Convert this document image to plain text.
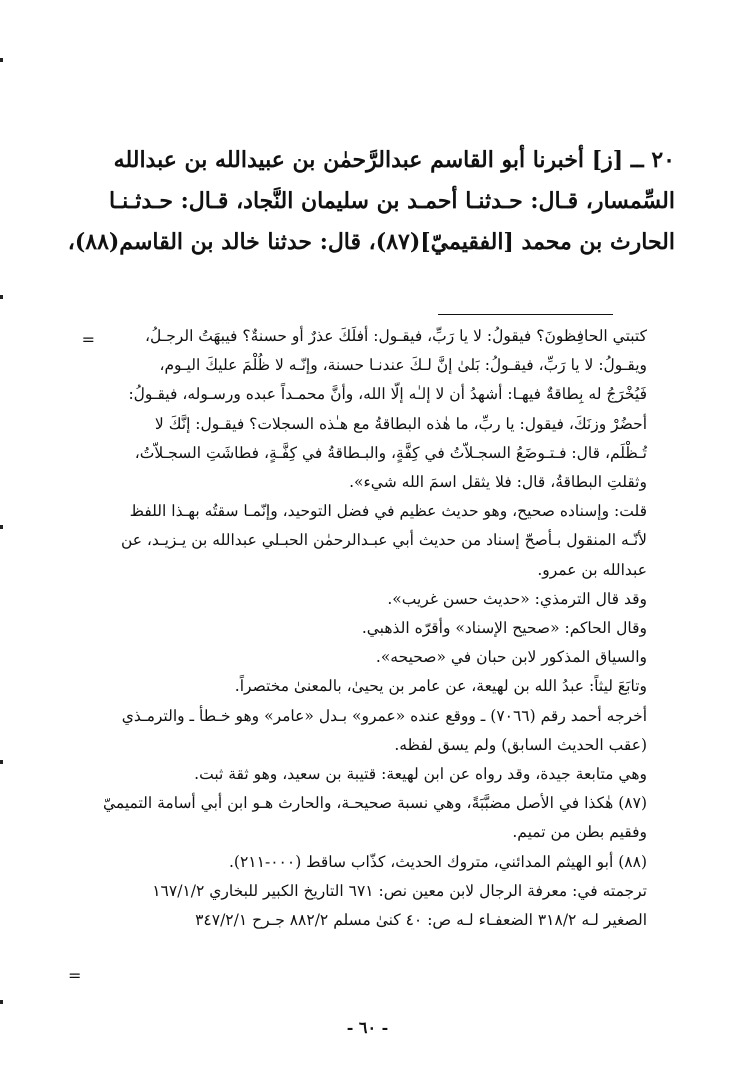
٢٠ ــ [ز] أخبرنا أبو القاسم عبدالرَّحمٰن بن عبيدالله بن عبدالله

السِّمسار، قـال: حـدثنـا أحمـد بن سليمان النَّجاد، قـال: حـدثـنـا

الحارث بن محمد [الفقيميّ](٨٧)، قال: حدثنا خالد بن القاسم(٨٨)،

=	كتبتي الحافِظونَ؟ فيقولُ: لا يا رَبِّ، فيقـول: أفلَكَ عذرٌ أو حسنةٌ؟ فيبهَتُ الرجـلُ،

ويقـولُ: لا يا رَبِّ، فيقـولُ: بَلىٰ إنَّ لـكَ عندنـا حسنة، وإنّـه لا ظُلْمَ عليكَ اليـوم،

فَيُخْرَجُ له بِطاقةٌ فيهـا: أشهدُ أن لا إلـٰه إلّا الله، وأنَّ محمـداً عبده ورسـوله، فيقـولُ:

أحضُرْ وزنَكَ، فيقول: يا ربِّ، ما هٰذه البطاقةُ مع هـٰذه السجلات؟ فيقـول: إنَّكَ لا

تُـظْلَم، قال: فـتـوضَعُ السجـلاّتُ في كِفَّةٍ، والبـطاقةُ في كِفَّـةٍ، فطاشَتِ السجـلاّتُ،

وثقلتِ البطاقةُ، قال: فلا يثقل اسمَ الله شيء».

قلت: وإسناده صحيح، وهو حديث عظيم في فضل التوحيد، وإنّمـا سقتُه بهـذا اللفظ

لأنّـه المنقول بـأصحّ إسناد من حديث أبي عبـدالرحمٰن الحبـلي عبدالله بن يـزيـد، عن

عبدالله بن عمرو.

وقد قال الترمذي: «حديث حسن غريب».

وقال الحاكم: «صحيح الإسناد» وأقرّه الذهبي.

والسياق المذكور لابن حبان في «صحيحه».

وتابَعَ ليثاً: عبدُ الله بن لهيعة، عن عامر بن يحيىٰ، بالمعنىٰ مختصراً.

أخرجه أحمد رقم (٧٠٦٦) ـ ووقع عنده «عمرو» بـدل «عامر» وهو خـطأ ـ والترمـذي

(عقب الحديث السابق) ولم يسق لفظه.

وهي متابعة جيدة، وقد رواه عن ابن لهيعة: قتيبة بن سعيد، وهو ثقة ثبت.

(٨٧) هٰكذا في الأصل مضبَّبَةً، وهي نسبة صحيحـة، والحارث هـو ابن أبي أسامة التميميّ

وفقيم بطن من تميم.

(٨٨) أبو الهيثم المدائني، متروك الحديث، كذّاب ساقط (٠٠٠-٢١١).

ترجمته في: معرفة الرجال لابن معين نص: ٦٧١ التاريخ الكبير للبخاري ١٦٧/١/٢

الصغير لـه ٣١٨/٢ الضعفـاء لـه ص: ٤٠ كنىٰ مسلم ٨٨٢/٢ جـرح ٣٤٧/٢/١

=
- ٦٠ -
